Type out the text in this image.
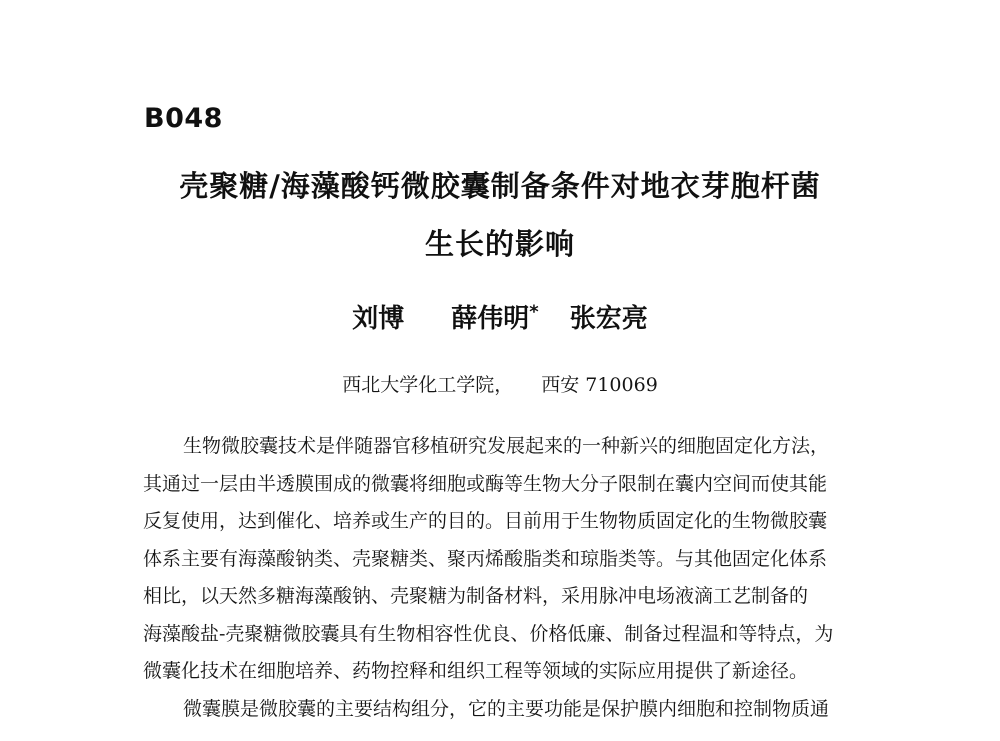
B048
壳聚糖/海藻酸钙微胶囊制备条件对地衣芽胞杆菌
生长的影响
刘博 薛伟明* 张宏亮
西北大学化工学院， 西安 710069
生物微胶囊技术是伴随器官移植研究发展起来的一种新兴的细胞固定化方法，
其通过一层由半透膜围成的微囊将细胞或酶等生物大分子限制在囊内空间而使其能
反复使用，达到催化、培养或生产的目的。目前用于生物物质固定化的生物微胶囊
体系主要有海藻酸钠类、壳聚糖类、聚丙烯酸脂类和琼脂类等。与其他固定化体系
相比，以天然多糖海藻酸钠、壳聚糖为制备材料，采用脉冲电场液滴工艺制备的
海藻酸盐-壳聚糖微胶囊具有生物相容性优良、价格低廉、制备过程温和等特点，为
微囊化技术在细胞培养、药物控释和组织工程等领域的实际应用提供了新途径。
微囊膜是微胶囊的主要结构组分，它的主要功能是保护膜内细胞和控制物质通
